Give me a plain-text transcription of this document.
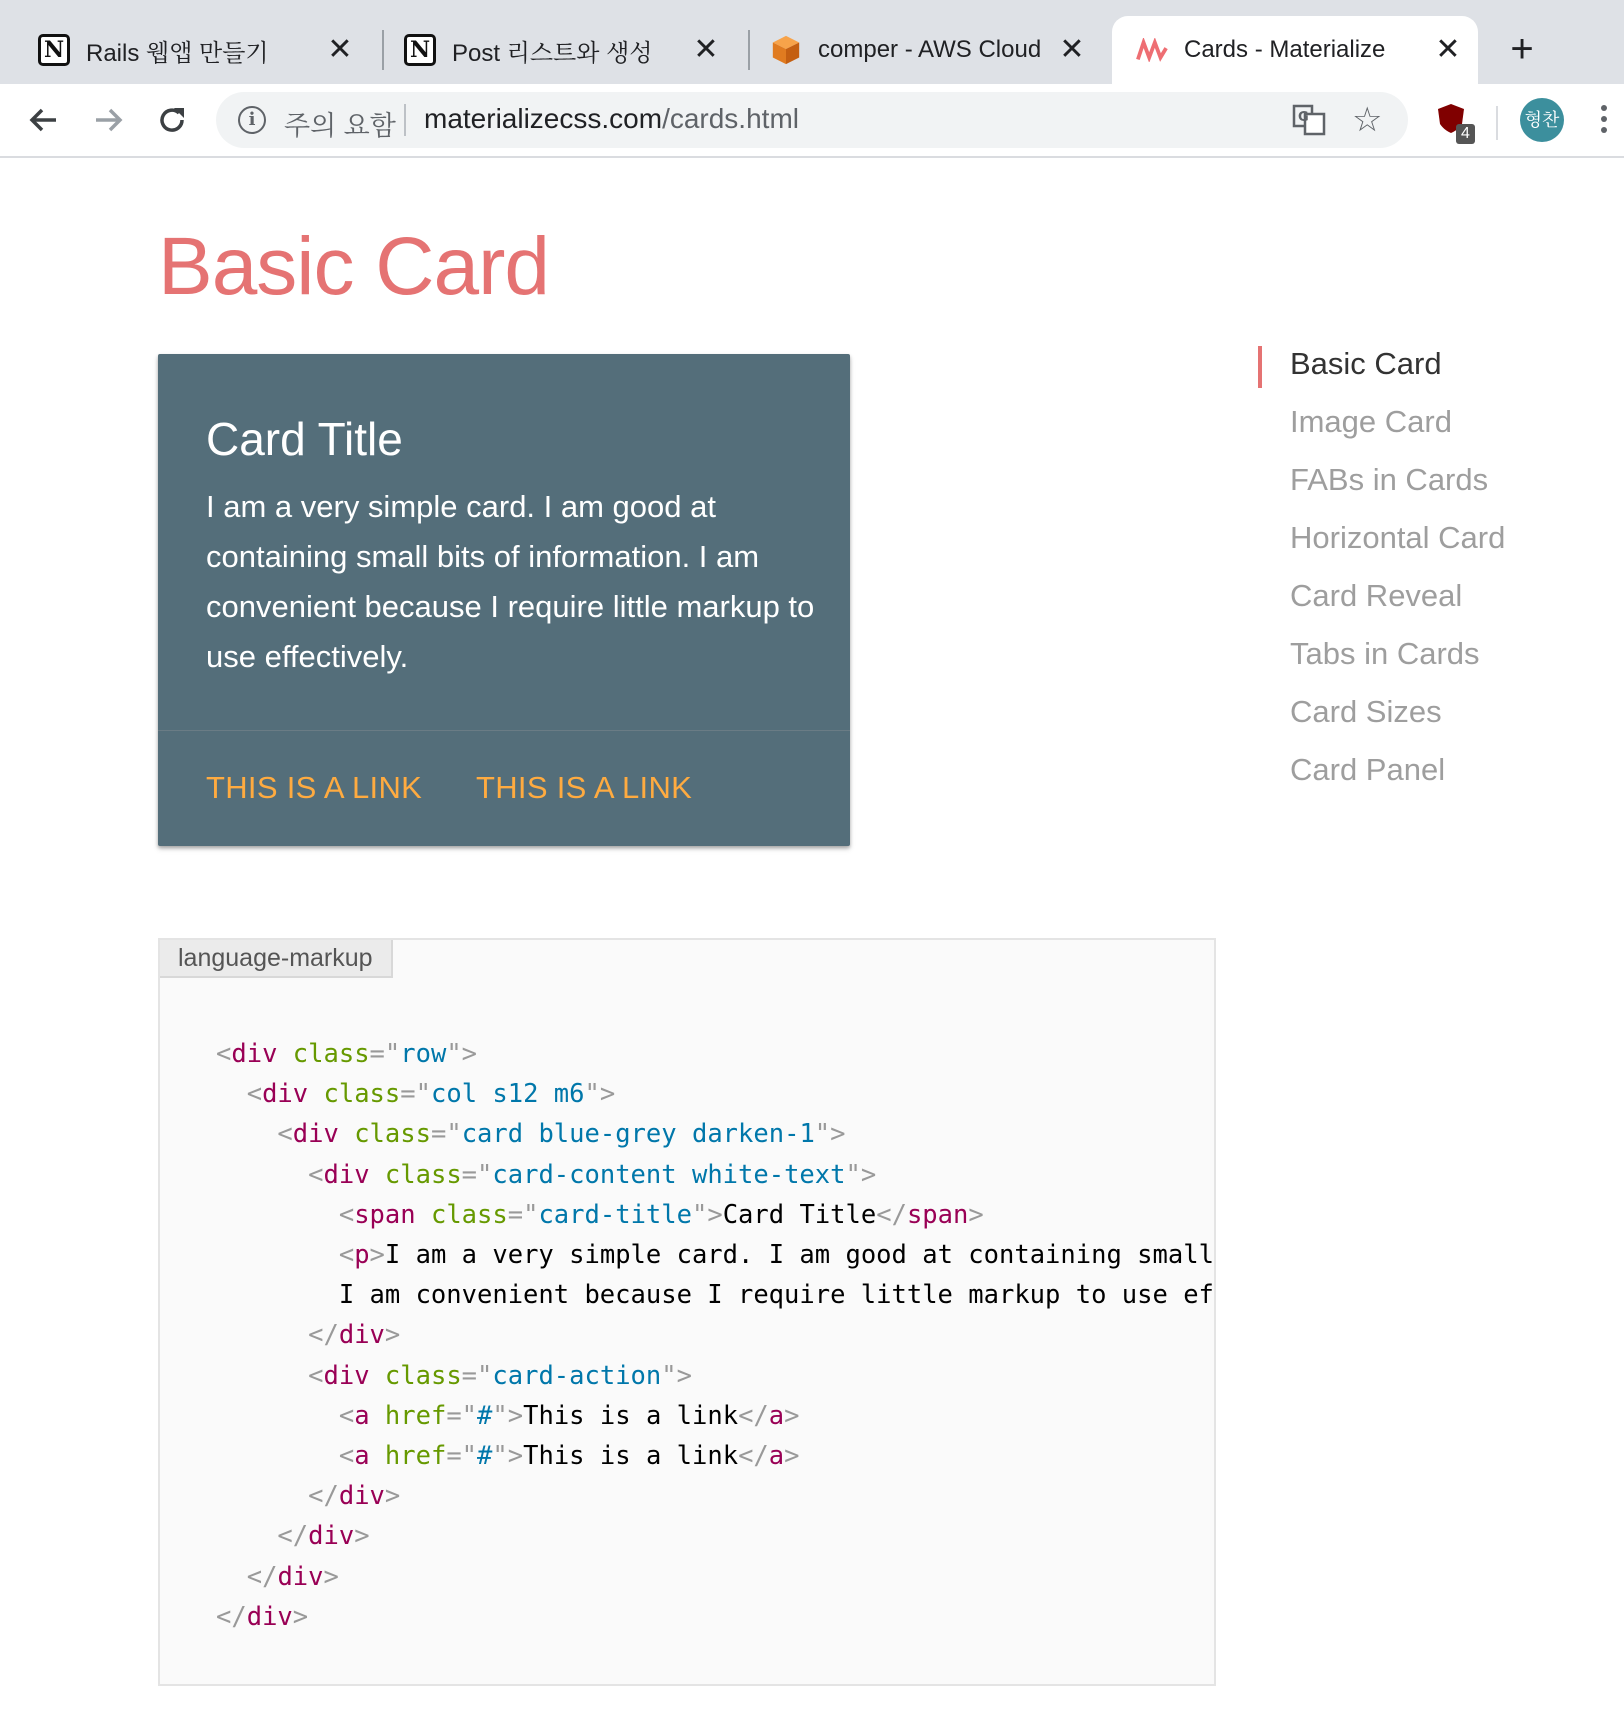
N Rails 웹앱 만들기	✕	N Post 리스트와 생성	✕	comper - AWS Cloud ✕	Cards - Materialize	✕ +
i	주의 요함 materializecss.com/cards.html	G ☆	4
형찬
Basic Card
Card Title
I am a very simple card. I am good at containing small bits of information. I am convenient because I require little markup to use effectively.
THIS IS A LINK THIS IS A LINK
Basic Card
Image Card
FABs in Cards
Horizontal Card
Card Reveal
Tabs in Cards
Card Sizes
Card Panel
language-markup
<div class="row">
<div class="col s12 m6">
<div class="card blue-grey darken-1">
<div class="card-content white-text">
<span class="card-title">Card Title</span>
<p>I am a very simple card. I am good at containing small
I am convenient because I require little markup to use ef
</div>
<div class="card-action">
<a href="#">This is a link</a>
<a href="#">This is a link</a>
</div>
</div>
</div>
</div>
